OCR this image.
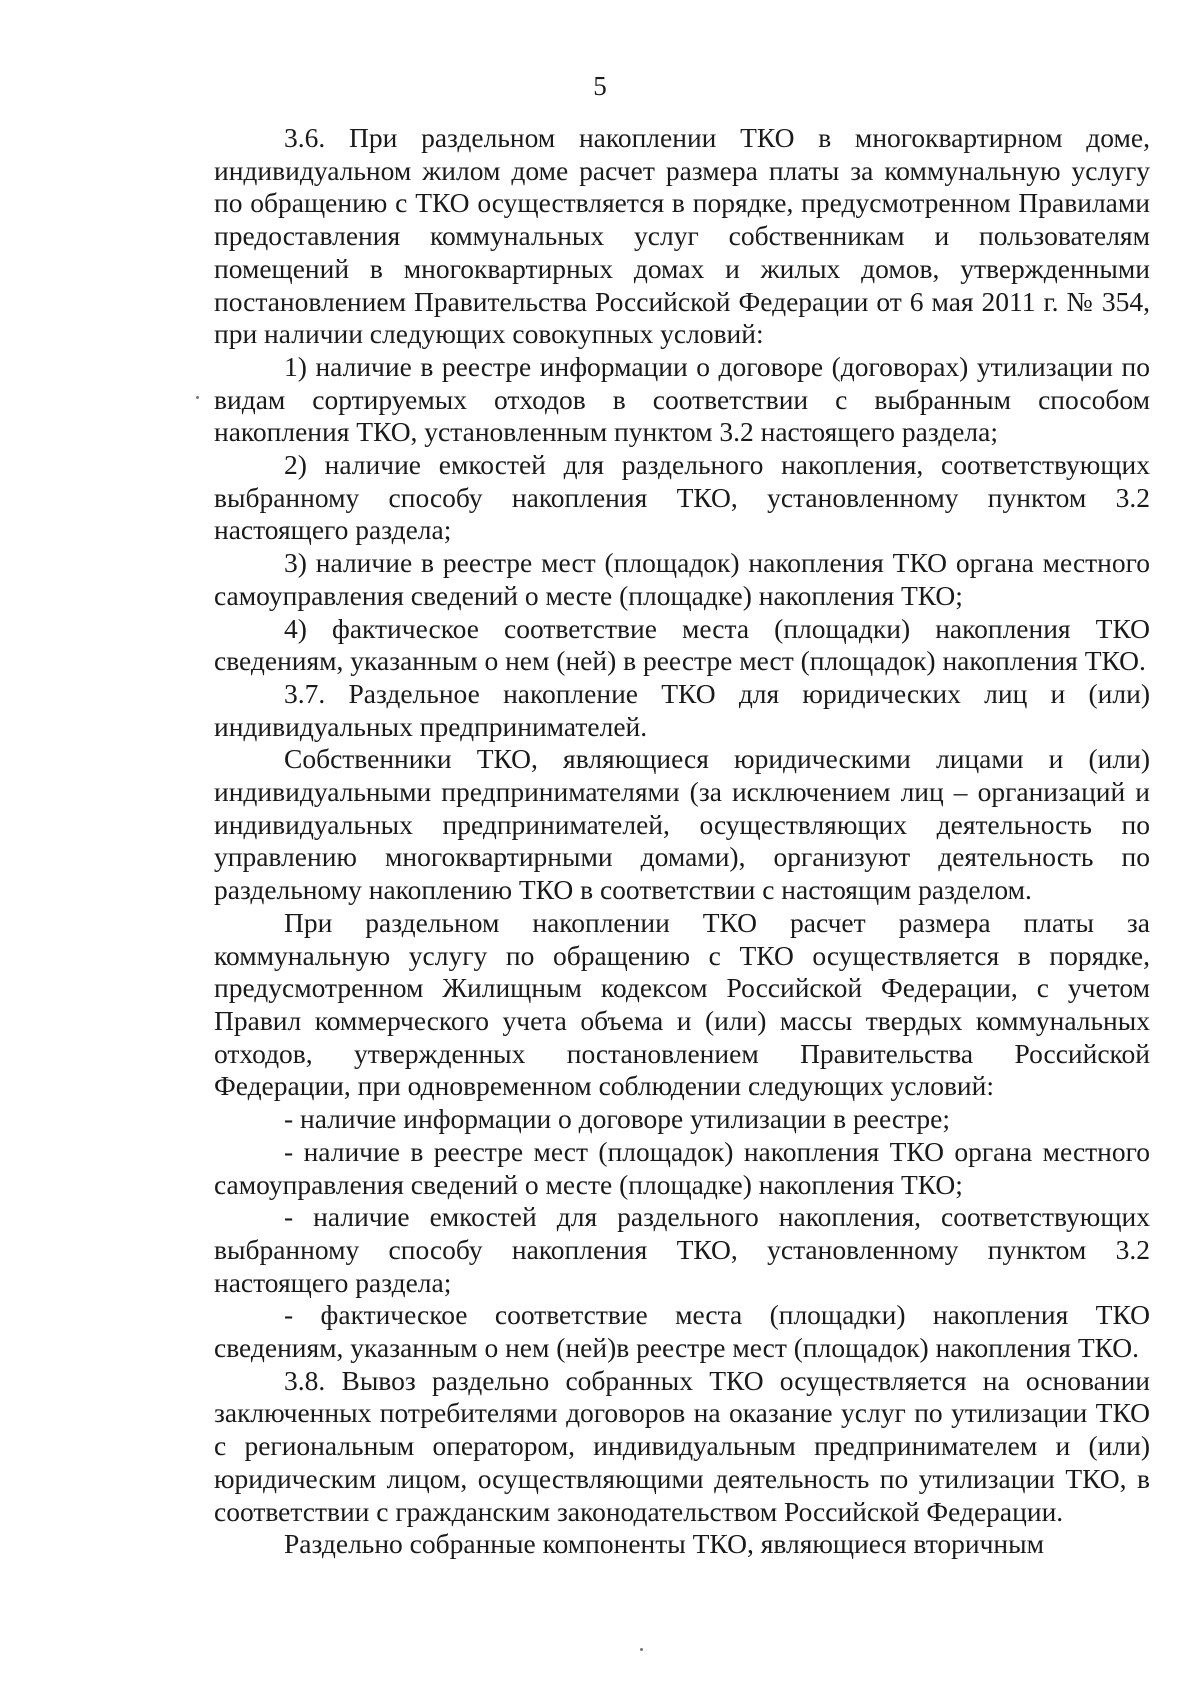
5

3.6. При раздельном накоплении ТКО в многоквартирном доме, индивидуальном жилом доме расчет размера платы за коммунальную услугу по обращению с ТКО осуществляется в порядке, предусмотренном Правилами предоставления коммунальных услуг собственникам и пользователям помещений в многоквартирных домах и жилых домов, утвержденными постановлением Правительства Российской Федерации от 6 мая 2011 г. № 354, при наличии следующих совокупных условий:

1) наличие в реестре информации о договоре (договорах) утилизации по видам сортируемых отходов в соответствии с выбранным способом накопления ТКО, установленным пунктом 3.2 настоящего раздела;

2) наличие емкостей для раздельного накопления, соответствующих выбранному способу накопления ТКО, установленному пунктом 3.2 настоящего раздела;

3) наличие в реестре мест (площадок) накопления ТКО органа местного самоуправления сведений о месте (площадке) накопления ТКО;

4) фактическое соответствие места (площадки) накопления ТКО сведениям, указанным о нем (ней) в реестре мест (площадок) накопления ТКО.

3.7. Раздельное накопление ТКО для юридических лиц и (или) индивидуальных предпринимателей.

Собственники ТКО, являющиеся юридическими лицами и (или) индивидуальными предпринимателями (за исключением лиц – организаций и индивидуальных предпринимателей, осуществляющих деятельность по управлению многоквартирными домами), организуют деятельность по раздельному накоплению ТКО в соответствии с настоящим разделом.

При раздельном накоплении ТКО расчет размера платы за коммунальную услугу по обращению с ТКО осуществляется в порядке, предусмотренном Жилищным кодексом Российской Федерации, с учетом Правил коммерческого учета объема и (или) массы твердых коммунальных отходов, утвержденных постановлением Правительства Российской Федерации, при одновременном соблюдении следующих условий:

- наличие информации о договоре утилизации в реестре;

- наличие в реестре мест (площадок) накопления ТКО органа местного самоуправления сведений о месте (площадке) накопления ТКО;

- наличие емкостей для раздельного накопления, соответствующих выбранному способу накопления ТКО, установленному пунктом 3.2 настоящего раздела;

- фактическое соответствие места (площадки) накопления ТКО сведениям, указанным о нем (ней)в реестре мест (площадок) накопления ТКО.

3.8. Вывоз раздельно собранных ТКО осуществляется на основании заключенных потребителями договоров на оказание услуг по утилизации ТКО с региональным оператором, индивидуальным предпринимателем и (или) юридическим лицом, осуществляющими деятельность по утилизации ТКО, в соответствии с гражданским законодательством Российской Федерации.

Раздельно собранные компоненты ТКО, являющиеся вторичным
